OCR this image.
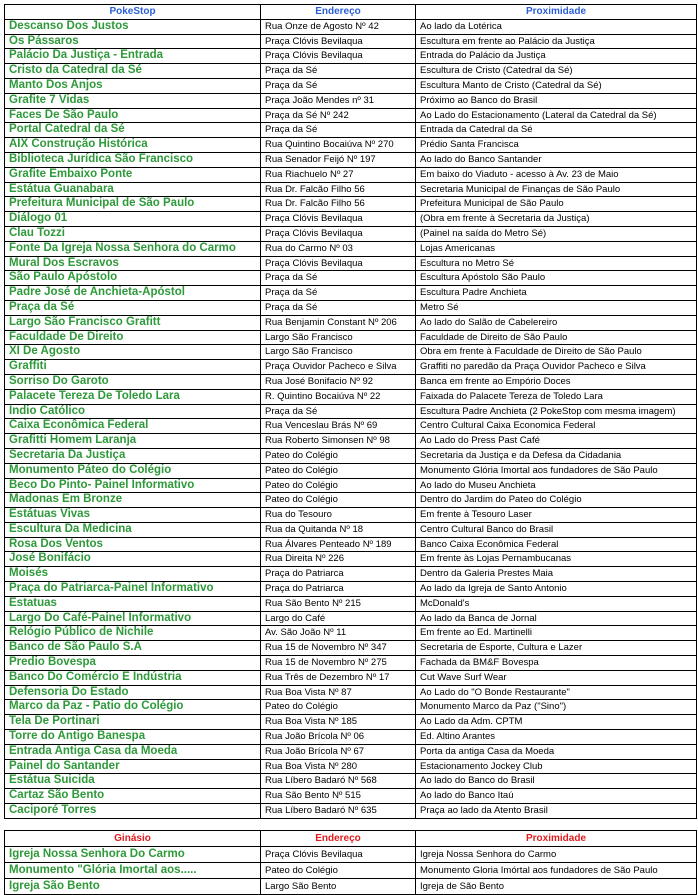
PokeStop	Endereço	Proximidade
Descanso Dos Justos	Rua Onze de Agosto Nº 42	Ao lado da Lotérica
Os Pássaros	Praça Clóvis Bevilaqua	Escultura em frente ao Palácio da Justiça
Palácio Da Justiça - Entrada	Praça Clóvis Bevilaqua	Entrada do Palácio da Justiça
Cristo da Catedral da Sé	Praça da Sé	Escultura de Cristo (Catedral da Sé)
Manto Dos Anjos	Praça da Sé	Escultura Manto de Cristo (Catedral da Sé)
Grafite 7 Vidas	Praça João Mendes nº 31	Próximo ao Banco do Brasil
Faces De São Paulo	Praça da Sé Nº 242	Ao Lado do Estacionamento (Lateral da Catedral da Sé)
Portal Catedral da Sé	Praça da Sé	Entrada da Catedral da Sé
AIX Construção Histórica	Rua Quintino Bocaiúva Nº 270	Prédio Santa Francisca
Biblioteca Jurídica São Francisco	Rua Senador Feijó Nº 197	Ao lado do Banco Santander
Grafite Embaixo Ponte	Rua Riachuelo Nº 27	Em baixo do Viaduto - acesso à Av. 23 de Maio
Estátua Guanabara	Rua Dr. Falcão Filho 56	Secretaria Municipal de Finanças de São Paulo
Prefeitura Municipal de São Paulo	Rua Dr. Falcão Filho 56	Prefeitura Municipal de São Paulo
Diálogo 01	Praça Clóvis Bevilaqua	(Obra em frente à Secretaria da Justiça)
Clau Tozzi	Praça Clóvis Bevilaqua	(Painel na saída do Metro Sé)
Fonte Da Igreja Nossa Senhora do Carmo	Rua do Carmo Nº 03	Lojas Americanas
Mural Dos Escravos	Praça Clóvis Bevilaqua	Escultura no Metro Sé
São Paulo Apóstolo	Praça da Sé	Escultura Apóstolo São Paulo
Padre José de Anchieta-Apóstol	Praça da Sé	Escultura Padre Anchieta
Praça da Sé	Praça da Sé	Metro Sé
Largo São Francisco Grafitt	Rua Benjamin Constant Nº 206	Ao lado do Salão de Cabelereiro
Faculdade De Direito	Largo São Francisco	Faculdade de Direito de São Paulo
XI De Agosto	Largo São Francisco	Obra em frente à Faculdade de Direito de São Paulo
Graffiti	Praça Ouvidor Pacheco e Silva	Graffiti no paredão da Praça Ouvidor Pacheco e Silva
Sorriso Do Garoto	Rua José Bonifacio Nº 92	Banca em frente ao Empório Doces
Palacete Tereza De Toledo Lara	R. Quintino Bocaiúva Nº 22	Faixada do Palacete Tereza de Toledo Lara
Indio Católico	Praça da Sé	Escultura Padre Anchieta (2 PokeStop com mesma imagem)
Caixa Econômica Federal	Rua Venceslau Brás Nº 69	Centro Cultural Caixa Economica Federal
Grafitti Homem Laranja	Rua Roberto Simonsen Nº 98	Ao Lado do Press Past Café
Secretaria Da Justiça	Pateo do Colégio	Secretaria da Justiça e da Defesa da Cidadania
Monumento Páteo do Colégio	Pateo do Colégio	Monumento Glória Imortal aos fundadores de São Paulo
Beco Do Pinto- Painel Informativo	Pateo do Colégio	Ao lado do Museu Anchieta
Madonas Em Bronze	Pateo do Colégio	Dentro do Jardim do Pateo do Colégio
Estátuas Vivas	Rua do Tesouro	Em frente à Tesouro Laser
Escultura Da Medicina	Rua da Quitanda Nº 18	Centro Cultural Banco do Brasil
Rosa Dos Ventos	Rua Álvares Penteado Nº 189	Banco Caixa Econômica Federal
José Bonifácio	Rua Direita Nº 226	Em frente às Lojas Pernambucanas
Moisés	Praça do Patriarca	Dentro da Galeria Prestes Maia
Praça do Patriarca-Painel Informativo	Praça do Patriarca	Ao lado da Igreja de Santo Antonio
Estatuas	Rua São Bento Nº 215	McDonald's
Largo Do Café-Painel Informativo	Largo do Café	Ao lado da Banca de Jornal
Relógio Público de Nichile	Av. São João Nº 11	Em frente ao Ed. Martinelli
Banco de São Paulo S.A	Rua 15 de Novembro Nº 347	Secretaria de Esporte, Cultura e Lazer
Predio Bovespa	Rua 15 de Novembro Nº 275	Fachada da BM&F Bovespa
Banco Do Comércio E Indústria	Rua Três de Dezembro Nº 17	Cut Wave Surf Wear
Defensoria Do Estado	Rua Boa Vista Nº 87	Ao Lado do "O Bonde Restaurante"
Marco da Paz - Patio do Colégio	Pateo do Colégio	Monumento Marco da Paz ("Sino")
Tela De Portinari	Rua Boa Vista Nº 185	Ao Lado da Adm. CPTM
Torre do Antigo Banespa	Rua João Brícola Nº 06	Ed. Altino Arantes
Entrada Antiga Casa da Moeda	Rua João Brícola Nº 67	Porta da antiga Casa da Moeda
Painel do Santander	Rua Boa Vista Nº 280	Estacionamento Jockey Club
Estátua Suicida	Rua Líbero Badaró Nº 568	Ao lado do Banco do Brasil
Cartaz São Bento	Rua São Bento Nº 515	Ao lado do Banco Itaú
Caciporé Torres	Rua Líbero Badaró Nº 635	Praça ao lado da Atento Brasil
Ginásio	Endereço	Proximidade
Igreja Nossa Senhora Do Carmo	Praça Clóvis Bevilaqua	Igreja Nossa Senhora do Carmo
Monumento "Glória Imortal aos.....	Pateo do Colégio	Monumento Gloria Imórtal aos fundadores de São Paulo
Igreja São Bento	Largo São Bento	Igreja de São Bento
